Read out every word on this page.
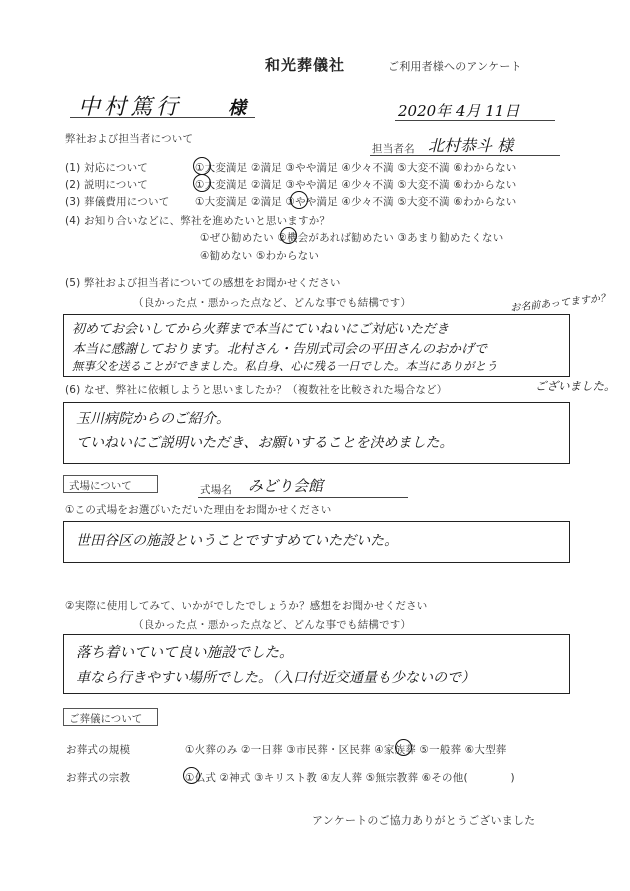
和光葬儀社	ご利用者様へのアンケート
中村篤行	様	2020年 4月 11日
弊社および担当者について
担当者名 北村恭斗 様
(1) 対応について	①大変満足 ②満足 ③やや満足 ④少々不満 ⑤大変不満 ⑥わからない
(2) 説明について	①大変満足 ②満足 ③やや満足 ④少々不満 ⑤大変不満 ⑥わからない
(3) 葬儀費用について ①大変満足 ②満足 ③やや満足 ④少々不満 ⑤大変不満 ⑥わからない
(4) お知り合いなどに、弊社を進めたいと思いますか？
①ぜひ勧めたい ②機会があれば勧めたい ③あまり勧めたくない
④勧めない ⑤わからない
(5) 弊社および担当者についての感想をお聞かせください
（良かった点・悪かった点など、どんな事でも結構です）	お名前あってますか？
初めてお会いしてから火葬まで本当にていねいにご対応いただき
本当に感謝しております。北村さん・告別式司会の平田さんのおかげで
無事父を送ることができました。私自身、心に残る一日でした。本当にありがとう
ございました。
(6) なぜ、弊社に依頼しようと思いましたか？（複数社を比較された場合など）
玉川病院からのご紹介。
ていねいにご説明いただき、お願いすることを決めました。
式場について	式場名 みどり会館
①この式場をお選びいただいた理由をお聞かせください
世田谷区の施設ということですすめていただいた。
②実際に使用してみて、いかがでしたでしょうか？感想をお聞かせください
（良かった点・悪かった点など、どんな事でも結構です）
落ち着いていて良い施設でした。
車なら行きやすい場所でした。（入口付近交通量も少ないので）
ご葬儀について
お葬式の規模	①火葬のみ ②一日葬 ③市民葬・区民葬 ④家族葬 ⑤一般葬 ⑥大型葬
お葬式の宗教	①仏式 ②神式 ③キリスト教 ④友人葬 ⑤無宗教葬 ⑥その他(　　　　)
アンケートのご協力ありがとうございました
